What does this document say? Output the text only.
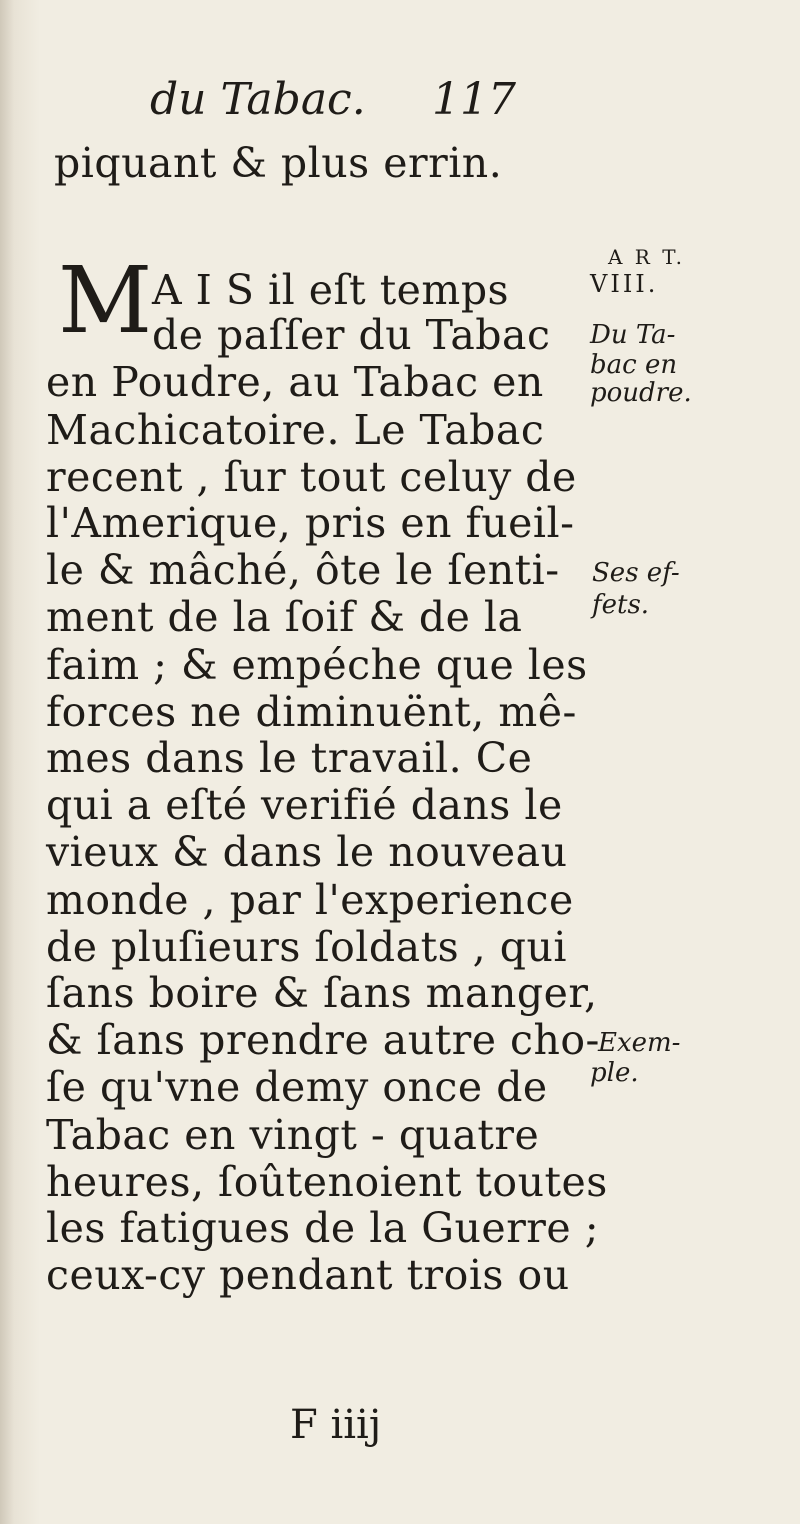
du Tabac. 117
piquant & plus errin.
A I S il eſt temps
de paſſer du Tabac
en Poudre, au Tabac en
Machicatoire. Le Tabac
recent , ſur tout celuy de
l'Amerique, pris en fueil-
le & mâché, ôte le ſenti-
ment de la ſoif & de la
faim ; & empéche que les
forces ne diminuënt, mê-
mes dans le travail. Ce
qui a eſté verifié dans le
vieux & dans le nouveau
monde , par l'experience
de pluſieurs ſoldats , qui
ſans boire & ſans manger,
& ſans prendre autre cho-
ſe qu'vne demy once de
Tabac en vingt - quatre
heures, ſoûtenoient toutes
les fatigues de la Guerre ;
ceux-cy pendant trois ou
M	A R T.
VIII.
Du Ta-
bac en
poudre.
Ses ef-
fets.
Exem-
ple.
F iiij
